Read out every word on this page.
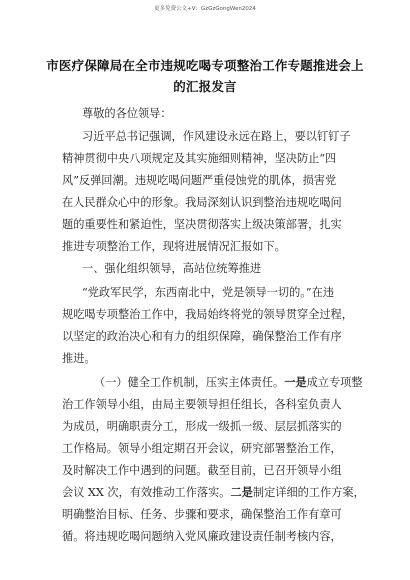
更多免费公文+V：GzGzGongWen2024
市医疗保障局在全市违规吃喝专项整治工作专题推进会上
的汇报发言
尊敬的各位领导：
习近平总书记强调，作风建设永远在路上，要以钉钉子
精神贯彻中央八项规定及其实施细则精神，坚决防止“四
风”反弹回潮。违规吃喝问题严重侵蚀党的肌体，损害党
在人民群众心中的形象。我局深刻认识到整治违规吃喝问
题的重要性和紧迫性，坚决贯彻落实上级决策部署，扎实
推进专项整治工作，现将进展情况汇报如下。
一、强化组织领导，高站位统筹推进
“党政军民学，东西南北中，党是领导一切的。”在违
规吃喝专项整治工作中，我局始终将党的领导贯穿全过程，
以坚定的政治决心和有力的组织保障，确保整治工作有序
推进。
（一）健全工作机制，压实主体责任。一是成立专项整
治工作领导小组，由局主要领导担任组长，各科室负责人
为成员，明确职责分工，形成一级抓一级、层层抓落实的
工作格局。领导小组定期召开会议，研究部署整治工作，
及时解决工作中遇到的问题。截至目前，已召开领导小组
会议 XX 次，有效推动工作落实。二是制定详细的工作方案，
明确整治目标、任务、步骤和要求，确保整治工作有章可
循。将违规吃喝问题纳入党风廉政建设责任制考核内容，
